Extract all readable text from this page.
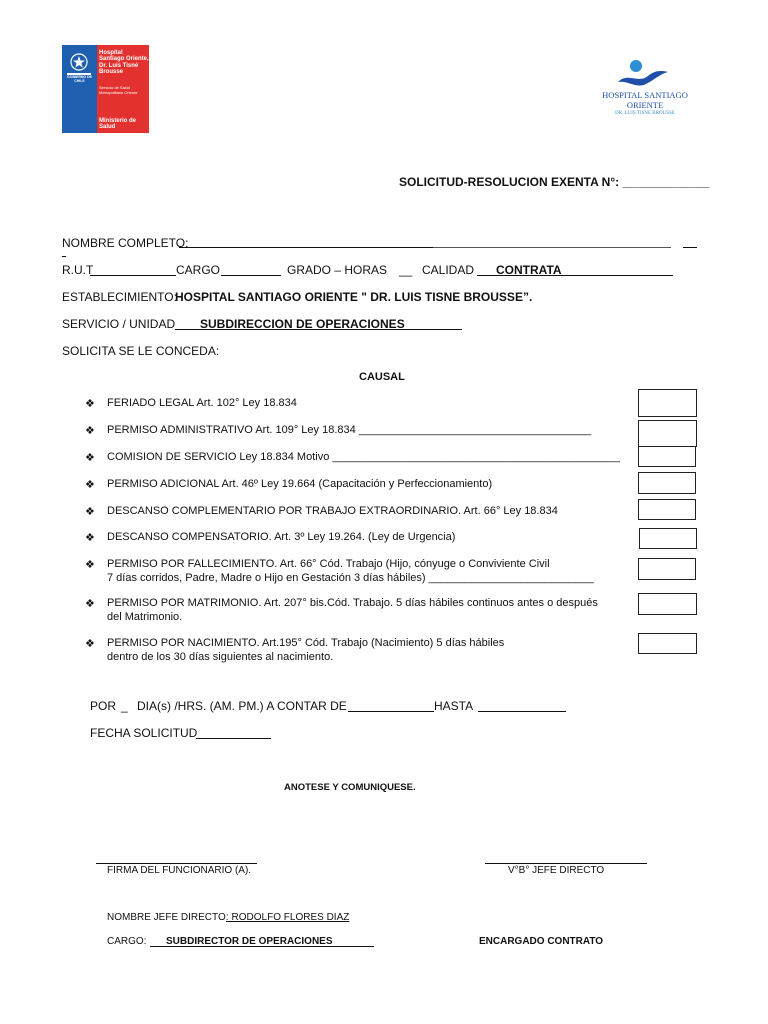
GOBIERNO DE CHILE
Hospital Santiago Oriente, Dr. Luis Tisné Brousse
Servicio de Salud Metropolitano Oriente
Ministerio de Salud
HOSPITAL SANTIAGO
ORIENTE
DR. LUIS TISNE BROUSSE
SOLICITUD-RESOLUCION EXENTA N°: _____________
NOMBRE COMPLETO:
R.U.T	CARGO	GRADO – HORAS __ CALIDAD CONTRATA
ESTABLECIMIENTO:
HOSPITAL SANTIAGO ORIENTE " DR. LUIS TISNE BROUSSE”.
SERVICIO / UNIDAD SUBDIRECCION DE OPERACIONES
SOLICITA SE LE CONCEDA:
CAUSAL
❖ FERIADO LEGAL Art. 102° Ley 18.834
❖ PERMISO ADMINISTRATIVO Art. 109° Ley 18.834 ______________________________________
❖ COMISION DE SERVICIO Ley 18.834 Motivo _______________________________________________
❖ PERMISO ADICIONAL Art. 46º Ley 19.664 (Capacitación y Perfeccionamiento)
❖ DESCANSO COMPLEMENTARIO POR TRABAJO EXTRAORDINARIO. Art. 66° Ley 18.834
❖ DESCANSO COMPENSATORIO. Art. 3º Ley 19.264. (Ley de Urgencia)
❖ PERMISO POR FALLECIMIENTO. Art. 66° Cód. Trabajo (Hijo, cónyuge o Conviviente Civil
7 días corridos, Padre, Madre o Hijo en Gestación 3 días hábiles) ___________________________
❖ PERMISO POR MATRIMONIO. Art. 207° bis.Cód. Trabajo. 5 días hábiles continuos antes o después
del Matrimonio.
❖ PERMISO POR NACIMIENTO. Art.195° Cód. Trabajo (Nacimiento) 5 días hábiles
dentro de los 30 días siguientes al nacimiento.
POR _ DIA(s) /HRS. (AM. PM.) A CONTAR DE	HASTA
FECHA SOLICITUD
ANOTESE Y COMUNIQUESE.
FIRMA DEL FUNCIONARIO (A).	V°B° JEFE DIRECTO
NOMBRE JEFE DIRECTO:
RODOLFO FLORES DIAZ
CARGO: SUBDIRECTOR DE OPERACIONES	ENCARGADO CONTRATO
